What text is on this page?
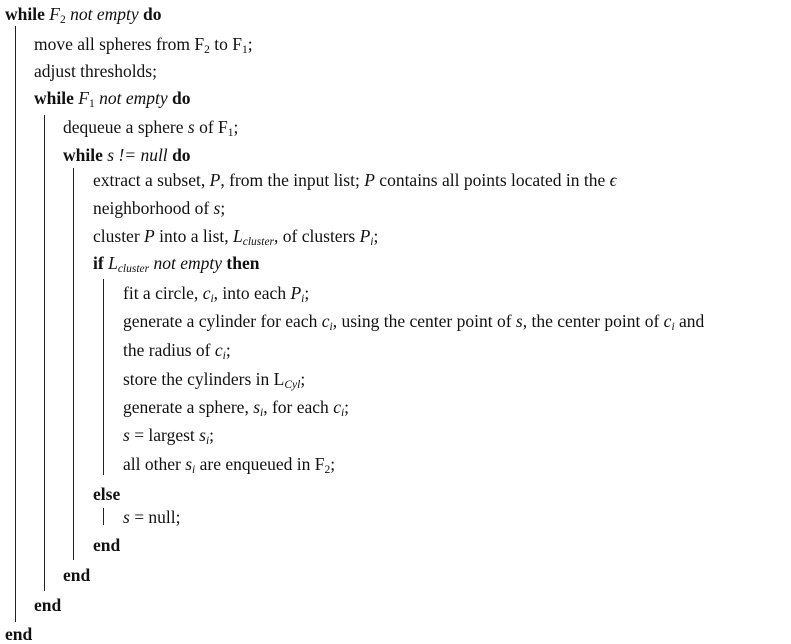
while $F_2$ not empty do
move all spheres from $F_2$ to $F_1$;
adjust thresholds;
while $F_1$ not empty do
dequeue a sphere s of $F_1$;
while s != null do
extract a subset, P, from the input list; P contains all points located in the ϵ
neighborhood of s;
cluster P into a list, $L_{cluster}$, of clusters $P_i$;
if $L_{cluster}$ not empty then
fit a circle, $c_i$, into each $P_i$;
generate a cylinder for each $c_i$, using the center point of s, the center point of $c_i$ and
the radius of $c_i$;
store the cylinders in $L_{Cyl}$;
generate a sphere, $s_i$, for each $c_i$;
s = largest $s_i$;
all other $s_i$ are enqueued in $F_2$;
else
s = null;
end
end
end
end
